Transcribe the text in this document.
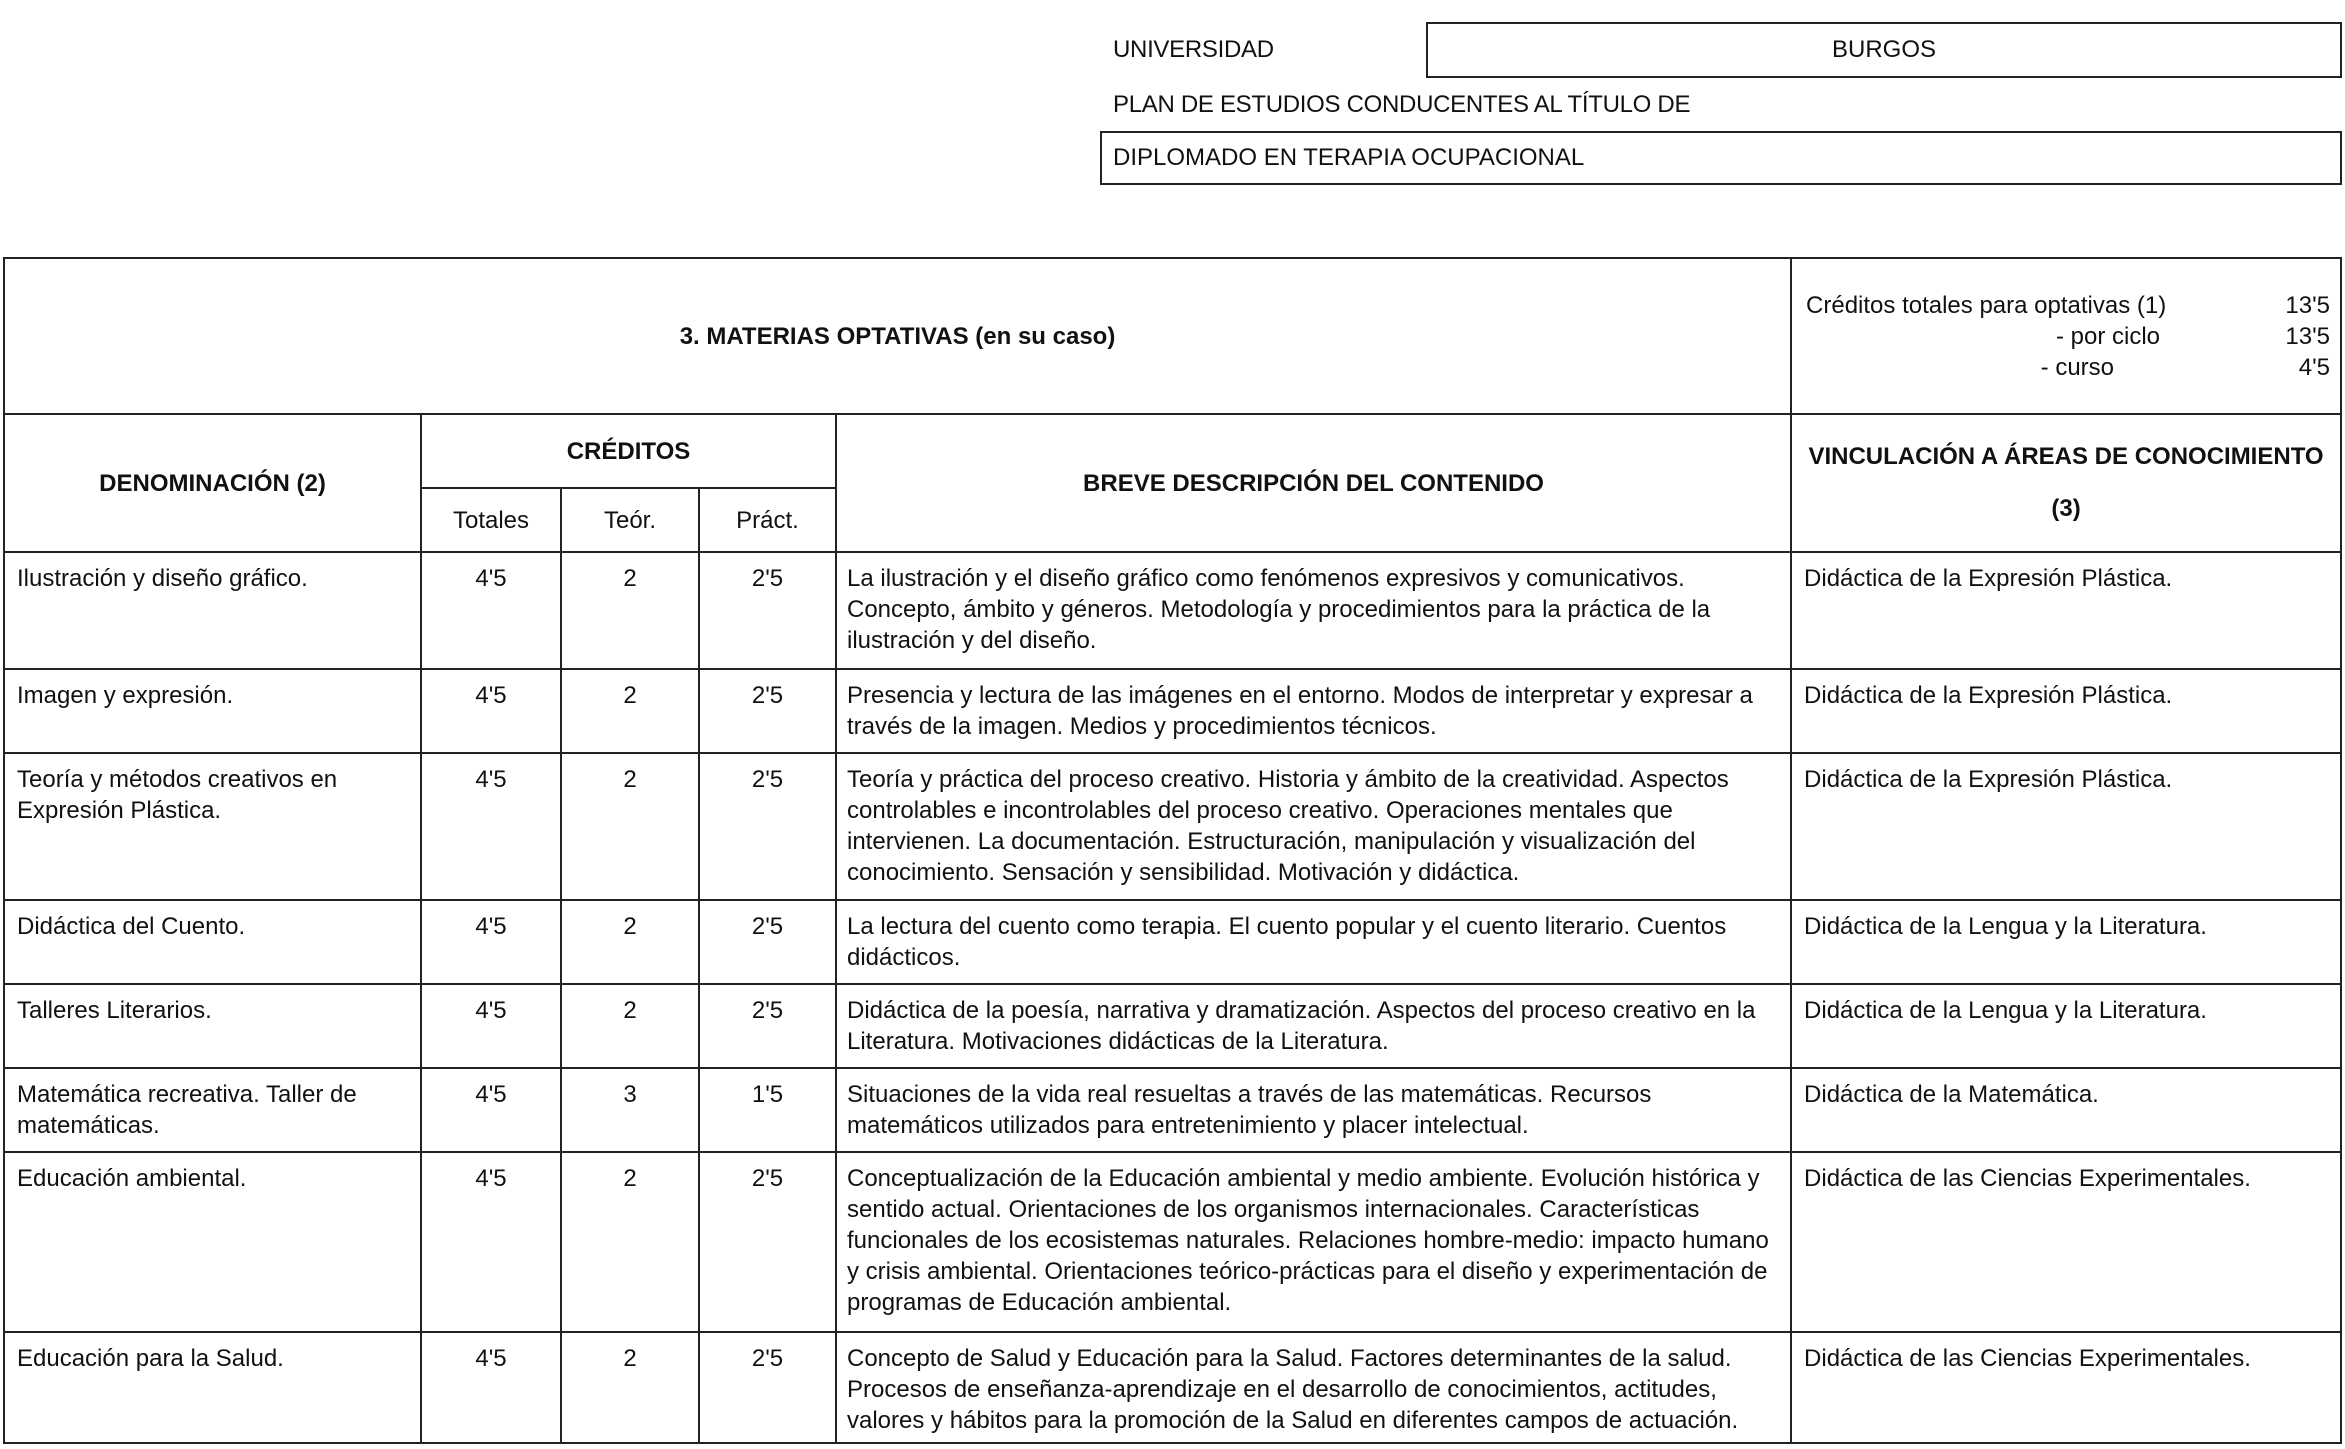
UNIVERSIDAD	BURGOS
PLAN DE ESTUDIOS CONDUCENTES AL TÍTULO DE
DIPLOMADO EN TERAPIA OCUPACIONAL
3. MATERIAS OPTATIVAS (en su caso)	
Créditos totales para optativas (1)	13'5
- por ciclo	13'5
- curso	4'5

DENOMINACIÓN (2)	CRÉDITOS	BREVE DESCRIPCIÓN DEL CONTENIDO	VINCULACIÓN A ÁREAS DE CONOCIMIENTO (3)
Totales	Teór.	Práct.
Ilustración y diseño gráfico.	4'5	2	2'5	La ilustración y el diseño gráfico como fenómenos expresivos y comunicativos. Concepto, ámbito y géneros. Metodología y procedimientos para la práctica de la ilustración y del diseño.	Didáctica de la Expresión Plástica.
Imagen y expresión.	4'5	2	2'5	Presencia y lectura de las imágenes en el entorno. Modos de interpretar y expresar a través de la imagen. Medios y procedimientos técnicos.	Didáctica de la Expresión Plástica.
Teoría y métodos creativos en Expresión Plástica.	4'5	2	2'5	Teoría y práctica del proceso creativo. Historia y ámbito de la creatividad. Aspectos controlables e incontrolables del proceso creativo. Operaciones mentales que intervienen. La documentación. Estructuración, manipulación y visualización del conocimiento. Sensación y sensibilidad. Motivación y didáctica.	Didáctica de la Expresión Plástica.
Didáctica del Cuento.	4'5	2	2'5	La lectura del cuento como terapia. El cuento popular y el cuento literario. Cuentos didácticos.	Didáctica de la Lengua y la Literatura.
Talleres Literarios.	4'5	2	2'5	Didáctica de la poesía, narrativa y dramatización. Aspectos del proceso creativo en la Literatura. Motivaciones didácticas de la Literatura.	Didáctica de la Lengua y la Literatura.
Matemática recreativa. Taller de matemáticas.	4'5	3	1'5	Situaciones de la vida real resueltas a través de las matemáticas. Recursos matemáticos utilizados para entretenimiento y placer intelectual.	Didáctica de la Matemática.
Educación ambiental.	4'5	2	2'5	Conceptualización de la Educación ambiental y medio ambiente. Evolución histórica y sentido actual. Orientaciones de los organismos internacionales. Características funcionales de los ecosistemas naturales. Relaciones hombre-medio: impacto humano y crisis ambiental. Orientaciones teórico-prácticas para el diseño y experimentación de programas de Educación ambiental.	Didáctica de las Ciencias Experimentales.
Educación para la Salud.	4'5	2	2'5	Concepto de Salud y Educación para la Salud. Factores determinantes de la salud. Procesos de enseñanza-aprendizaje en el desarrollo de conocimientos, actitudes, valores y hábitos para la promoción de la Salud en diferentes campos de actuación.	Didáctica de las Ciencias Experimentales.
